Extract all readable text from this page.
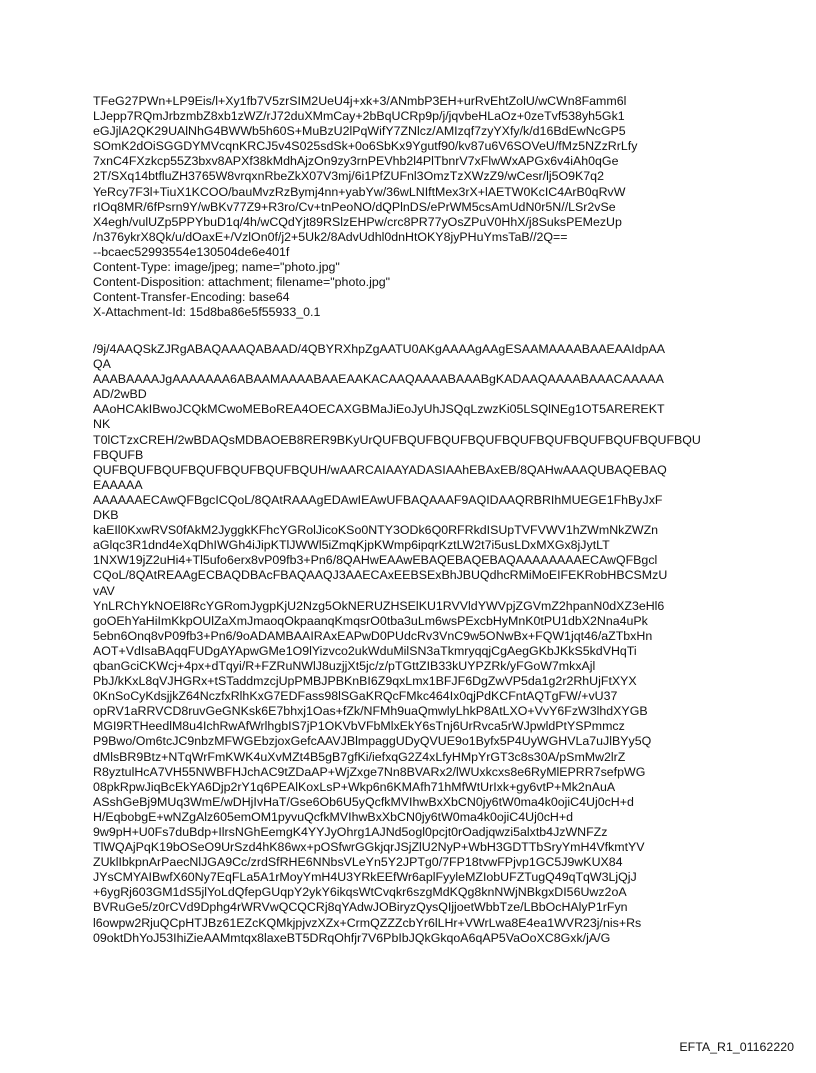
TFeG27PWn+LP9Eis/l+Xy1fb7V5zrSIM2UeU4j+xk+3/ANmbP3EH+urRvEhtZolU/wCWn8Famm6l
LJepp7RQmJrbzmbZ8xb1zWZ/rJ72duXMmCay+2bBqUCRp9p/j/jqvbeHLaOz+0zeTvf538yh5Gk1
eGJjlA2QK29UAlNhG4BWWb5h60S+MuBzU2lPqWifY7ZNlcz/AMIzqf7zyYXfy/k/d16BdEwNcGP5
SOmK2dOiSGGDYMVcqnKRCJ5v4S025sdSk+0o6SbKx9Ygutf90/kv87u6V6SOVeU/fMz5NZzRrLfy
7xnC4FXzkcp55Z3bxv8APXf38kMdhAjzOn9zy3rnPEVhb2l4PlTbnrV7xFlwWxAPGx6v4iAh0qGe
2T/SXq14btfluZH3765W8vrqxnRbeZkX07V3mj/6i1PfZUFnl3OmzTzXWzZ9/wCesr/lj5O9K7q2
YeRcy7F3l+TiuX1KCOO/bauMvzRzBymj4nn+yabYw/36wLNIftMex3rX+lAETW0KcIC4ArB0qRvW
rIOq8MR/6fPsrn9Y/wBKv77Z9+R3ro/Cv+tnPeoNO/dQPlnDS/ePrWM5csAmUdN0r5N//LSr2vSe
X4egh/vulUZp5PPYbuD1q/4h/wCQdYjt89RSlzEHPw/crc8PR77yOsZPuV0HhX/j8SuksPEMezUp
/n376ykrX8Qk/u/dOaxE+/VzlOn0f/j2+5Uk2/8AdvUdhl0dnHtOKY8jyPHuYmsTaB//2Q==
--bcaec52993554e130504de6e401f
Content-Type: image/jpeg; name="photo.jpg"
Content-Disposition: attachment; filename="photo.jpg"
Content-Transfer-Encoding: base64
X-Attachment-Id: 15d8ba86e5f55933_0.1
/9j/4AAQSkZJRgABAQAAAQABAAD/4QBYRXhpZgAATU0AKgAAAAgAAgESAAMAAAABAAEAAIdpAA
QA
AAABAAAAJgAAAAAAA6ABAAMAAAABAAEAAKACAAQAAAABAAABgKADAAQAAAABAAACAAAAA
AD/2wBD
AAoHCAkIBwoJCQkMCwoMEBoREA4OECAXGBMaJiEoJyUhJSQqLzwzKi05LSQlNEg1OT5AREREKT
NK
T0lCTzxCREH/2wBDAQsMDBAOEB8RER9BKyUrQUFBQUFBQUFBQUFBQUFBQUFBQUFBQUFBQUFBQU
FBQUFB
QUFBQUFBQUFBQUFBQUFBQUFBQUH/wAARCAIAAYADASIAAhEBAxEB/8QAHwAAAQUBAQEBAQ
EAAAAA
AAAAAAECAwQFBgcICQoL/8QAtRAAAgEDAwIEAwUFBAQAAAF9AQIDAAQRBRIhMUEGE1FhByJxF
DKB
kaEIl0KxwRVS0fAkM2JyggkKFhcYGRolJicoKSo0NTY3ODk6Q0RFRkdISUpTVFVWV1hZWmNkZWZn
aGlqc3R1dnd4eXqDhIWGh4iJipKTlJWWl5iZmqKjpKWmp6ipqrKztLW2t7i5usLDxMXGx8jJytLT
1NXW19jZ2uHi4+Tl5ufo6erx8vP09fb3+Pn6/8QAHwEAAwEBAQEBAQEBAQAAAAAAAAECAwQFBgcl
CQoL/8QAtREAAgECBAQDBAcFBAQAAQJ3AAECAxEEBSExBhJBUQdhcRMiMoEIFEKRobHBCSMzU
vAV
YnLRChYkNOEl8RcYGRomJygpKjU2Nzg5OkNERUZHSElKU1RVVldYWVpjZGVmZ2hpanN0dXZ3eHl6
goOEhYaHiImKkpOUlZaXmJmaoqOkpaanqKmqsrO0tba3uLm6wsPExcbHyMnK0tPU1dbX2Nna4uPk
5ebn6Onq8vP09fb3+Pn6/9oADAMBAAIRAxEAPwD0PUdcRv3VnC9w5ONwBx+FQW1jqt46/aZTbxHn
AOT+VdIsaBAqqFUDgAYApwGMe1O9lYizvco2ukWduMilSN3aTkmryqqjCgAegGKbJKkS5kdVHqTi
qbanGciCKWcj+4px+dTqyi/R+FZRuNWlJ8uzjjXt5jc/z/pTGttZIB33kUYPZRk/yFGoW7mkxAjl
PbJ/kKxL8qVJHGRx+tSTaddmzcjUpPMBJPBKnBI6Z9qxLmx1BFJF6DgZwVP5da1g2r2RhUjFtXYX
0KnSoCyKdsjjkZ64NczfxRlhKxG7EDFass98lSGaKRQcFMkc464Ix0qjPdKCFntAQTgFW/+vU37
opRV1aRRVCD8ruvGeGNKsk6E7bhxj1Oas+fZk/NFMh9uaQmwlyLhkP8AtLXO+VvY6FzW3lhdXYGB
MGI9RTHeedlM8u4IchRwAfWrlhgbIS7jP1OKVbVFbMlxEkY6sTnj6UrRvca5rWJpwldPtYSPmmcz
P9Bwo/Om6tcJC9nbzMFWGEbzjoxGefcAAVJBlmpaggUDyQVUE9o1Byfx5P4UyWGHVLa7uJlBYy5Q
dMlsBR9Btz+NTqWrFmKWK4uXvMZt4B5gB7gfKi/iefxqG2Z4xLfyHMpYrGT3c8s30A/pSmMw2lrZ
R8yztulHcA7VH55NWBFHJchAC9tZDaAP+WjZxge7Nn8BVARx2/lWUxkcxs8e6RyMlEPRR7sefpWG
08pkRpwJiqBcEkYA6Djp2rY1q6PEAlKoxLsP+Wkp6n6KMAfh71hMfWtUrIxk+gy6vtP+Mk2nAuA
ASshGeBj9MUq3WmE/wDHjIvHaT/Gse6Ob6U5yQcfkMVIhwBxXbCN0jy6tW0ma4k0ojiC4Uj0cH+d
H/EqbobgE+wNZgAlz605emOM1pyvuQcfkMVIhwBxXbCN0jy6tW0ma4k0ojiC4Uj0cH+d
9w9pH+U0Fs7duBdp+IlrsNGhEemgK4YYJyOhrg1AJNd5ogl0pcjt0rOadjqwzi5alxtb4JzWNFZz
TlWQAjPqK19bOSeO9UrSzd4hK86wx+pOSfwrGGkjqrJSjZlU2NyP+WbH3GDTTbSryYmH4VfkmtYV
ZUklIbkpnArPaecNlJGA9Cc/zrdSfRHE6NNbsVLeYn5Y2JPTg0/7FP18tvwFPjvp1GC5J9wKUX84
JYsCMYAIBwfX60Ny7EqFLa5A1rMoyYmH4U3YRkEEfWr6aplFyyleMZIobUFZTugQ49qTqW3LjQjJ
+6ygRj603GM1dS5jlYoLdQfepGUqpY2ykY6ikqsWtCvqkr6szgMdKQg8knNWjNBkgxDI56Uwz2oA
BVRuGe5/z0rCVd9Dphg4rWRVwQCQCRj8qYAdwJOBiryzQysQIjjoetWbbTze/LBbOcHAlyP1rFyn
l6owpw2RjuQCpHTJBz61EZcKQMkjpjvzXZx+CrmQZZZcbYr6lLHr+VWrLwa8E4ea1WVR23j/nis+Rs
09oktDhYoJ53IhiZieAAMmtqx8laxeBT5DRqOhfjr7V6PbIbJQkGkqoA6qAP5VaOoXC8Gxk/jA/G
EFTA_R1_01162220
